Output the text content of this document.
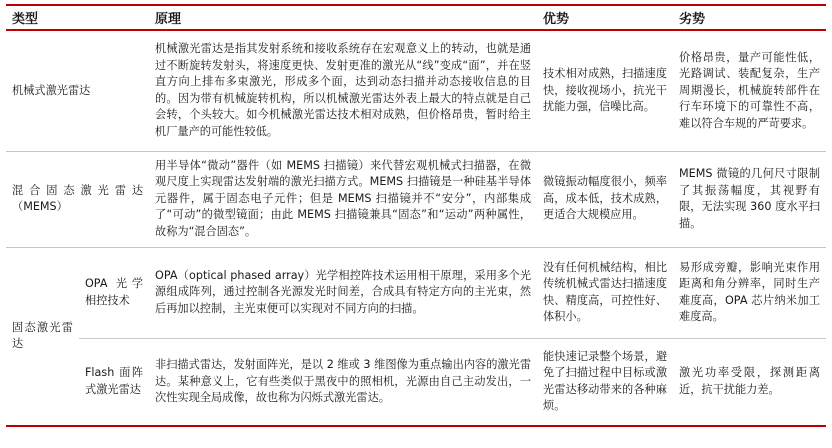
类型		原理	优势	劣势
机械式激光雷达		机械激光雷达是指其发射系统和接收系统存在宏观意义上的转动，也就是通过不断旋转发射头，将速度更快、发射更准的激光从“线”变成“面”，并在竖直方向上排布多束激光，形成多个面，达到动态扫描并动态接收信息的目的。因为带有机械旋转机构，所以机械激光雷达外表上最大的特点就是自己会转，个头较大。如今机械激光雷达技术相对成熟，但价格昂贵，暂时给主机厂量产的可能性较低。	技术相对成熟，扫描速度快，接收视场小，抗光干扰能力强，信噪比高。	价格昂贵，量产可能性低，光路调试、装配复杂，生产周期漫长，机械旋转部件在行车环境下的可靠性不高，难以符合车规的严苛要求。
混合固态激光雷达（MEMS）		用半导体“微动”器件（如 MEMS 扫描镜）来代替宏观机械式扫描器，在微观尺度上实现雷达发射端的激光扫描方式。MEMS 扫描镜是一种硅基半导体元器件，属于固态电子元件；但是 MEMS 扫描镜并不“安分”，内部集成了“可动”的微型镜面；由此 MEMS 扫描镜兼具“固态”和“运动”两种属性，故称为“混合固态”。	微镜振动幅度很小，频率高，成本低，技术成熟，更适合大规模应用。	MEMS 微镜的几何尺寸限制了其振荡幅度，其视野有限，无法实现 360 度水平扫描。
固态激光雷达	OPA 光学相控技术	OPA（optical phased array）光学相控阵技术运用相干原理，采用多个光源组成阵列，通过控制各光源发光时间差，合成具有特定方向的主光束，然后再加以控制，主光束便可以实现对不同方向的扫描。	没有任何机械结构，相比传统机械式雷达扫描速度快、精度高，可控性好、体积小。	易形成旁瓣，影响光束作用距离和角分辨率，同时生产难度高，OPA 芯片纳米加工难度高。
	Flash 面阵式激光雷达	非扫描式雷达，发射面阵光，是以 2 维或 3 维图像为重点输出内容的激光雷达。某种意义上，它有些类似于黑夜中的照相机，光源由自己主动发出，一次性实现全局成像，故也称为闪烁式激光雷达。	能快速记录整个场景，避免了扫描过程中目标或激光雷达移动带来的各种麻烦。	激光功率受限，探测距离近，抗干扰能力差。
